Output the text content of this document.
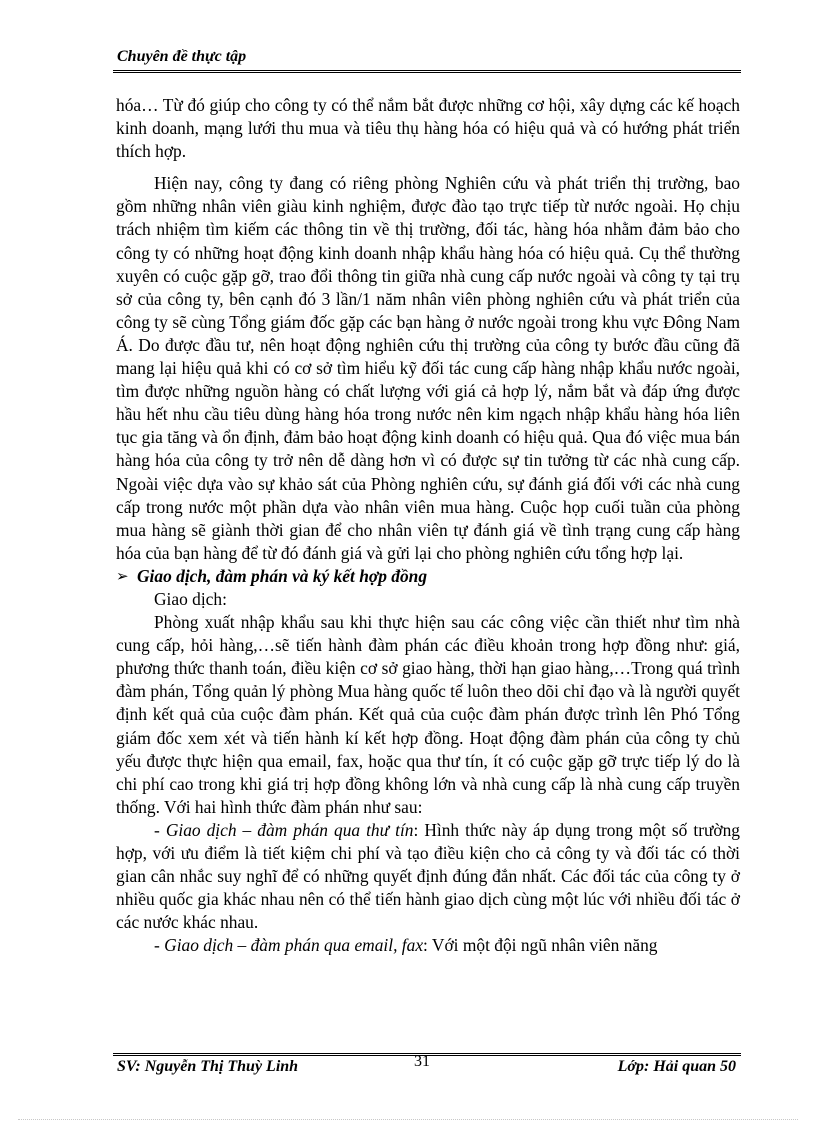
Chuyên đề thực tập

hóa… Từ đó giúp cho công ty có thể nắm bắt được những cơ hội, xây dựng các kế hoạch kinh doanh, mạng lưới thu mua và tiêu thụ hàng hóa có hiệu quả và có hướng phát triển thích hợp.

Hiện nay, công ty đang có riêng phòng Nghiên cứu và phát triển thị trường, bao gồm những nhân viên giàu kinh nghiệm, được đào tạo trực tiếp từ nước ngoài. Họ chịu trách nhiệm tìm kiếm các thông tin về thị trường, đối tác, hàng hóa nhằm đảm bảo cho công ty có những hoạt động kinh doanh nhập khẩu hàng hóa có hiệu quả. Cụ thể thường xuyên có cuộc gặp gỡ, trao đổi thông tin giữa nhà cung cấp nước ngoài và công ty tại trụ sở của công ty, bên cạnh đó 3 lần/1 năm nhân viên phòng nghiên cứu và phát triển của công ty sẽ cùng Tổng giám đốc gặp các bạn hàng ở nước ngoài trong khu vực Đông Nam Á. Do được đầu tư, nên hoạt động nghiên cứu thị trường của công ty bước đầu cũng đã mang lại hiệu quả khi có cơ sở tìm hiểu kỹ đối tác cung cấp hàng nhập khẩu nước ngoài, tìm được những nguồn hàng có chất lượng với giá cả hợp lý, nắm bắt và đáp ứng được hầu hết nhu cầu tiêu dùng hàng hóa trong nước nên kim ngạch nhập khẩu hàng hóa liên tục gia tăng và ổn định, đảm bảo hoạt động kinh doanh có hiệu quả. Qua đó việc mua bán hàng hóa của công ty trở nên dễ dàng hơn vì có được sự tin tưởng từ các nhà cung cấp. Ngoài việc dựa vào sự khảo sát của Phòng nghiên cứu, sự đánh giá đối với các nhà cung cấp trong nước một phần dựa vào nhân viên mua hàng. Cuộc họp cuối tuần của phòng mua hàng sẽ giành thời gian để cho nhân viên tự đánh giá về tình trạng cung cấp hàng hóa của bạn hàng để từ đó đánh giá và gửi lại cho phòng nghiên cứu tổng hợp lại.

➢ Giao dịch, đàm phán và ký kết hợp đồng

Giao dịch:

Phòng xuất nhập khẩu sau khi thực hiện sau các công việc cần thiết như tìm nhà cung cấp, hỏi hàng,…sẽ tiến hành đàm phán các điều khoản trong hợp đồng như: giá, phương thức thanh toán, điều kiện cơ sở giao hàng, thời hạn giao hàng,…Trong quá trình đàm phán, Tổng quản lý phòng Mua hàng quốc tế luôn theo dõi chỉ đạo và là người quyết định kết quả của cuộc đàm phán. Kết quả của cuộc đàm phán được trình lên Phó Tổng giám đốc xem xét và tiến hành kí kết hợp đồng. Hoạt động đàm phán của công ty chủ yếu được thực hiện qua email, fax, hoặc qua thư tín, ít có cuộc gặp gỡ trực tiếp lý do là chi phí cao trong khi giá trị hợp đồng không lớn và nhà cung cấp là nhà cung cấp truyền thống. Với hai hình thức đàm phán như sau:

- Giao dịch – đàm phán qua thư tín: Hình thức này áp dụng trong một số trường hợp, với ưu điểm là tiết kiệm chi phí và tạo điều kiện cho cả công ty và đối tác có thời gian cân nhắc suy nghĩ để có những quyết định đúng đắn nhất. Các đối tác của công ty ở nhiều quốc gia khác nhau nên có thể tiến hành giao dịch cùng một lúc với nhiều đối tác ở các nước khác nhau.

- Giao dịch – đàm phán qua email, fax: Với một đội ngũ nhân viên năng

SV: Nguyễn Thị Thuỳ Linh	31	Lớp: Hải quan 50
